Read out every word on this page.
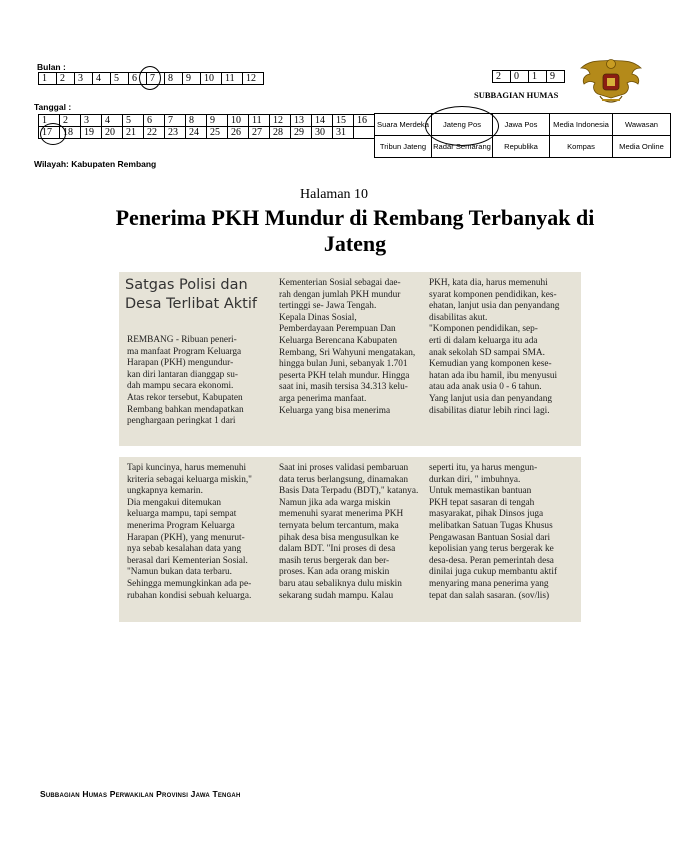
Bulan :
1	2	3	4	5	6	7	8	9	10	11	12
Tanggal :
1	2	3	4	5	6	7	8	9	10	11	12	13	14	15	16
17	18	19	20	21	22	23	24	25	26	27	28	29	30	31	
Wilayah: Kabupaten Rembang
2	0	1	9
SUBBAGIAN HUMAS
Suara Merdeka	Jateng Pos	Jawa Pos	Media Indonesia	Wawasan
Tribun Jateng	Radar Semarang	Republika	Kompas	Media Online
Halaman 10
Penerima PKH Mundur di Rembang Terbanyak di
Jateng

Satgas Polisi dan

Desa Terlibat Aktif

REMBANG - Ribuan peneri-

ma manfaat Program Keluarga

Harapan (PKH) mengundur-

kan diri lantaran dianggap su-

dah mampu secara ekonomi.

Atas rekor tersebut, Kabupaten

Rembang bahkan mendapatkan

penghargaan peringkat 1 dari

Kementerian Sosial sebagai dae-

rah dengan jumlah PKH mundur

tertinggi se- Jawa Tengah.

Kepala Dinas Sosial,

Pemberdayaan Perempuan Dan

Keluarga Berencana Kabupaten

Rembang, Sri Wahyuni mengatakan,

hingga bulan Juni, sebanyak 1.701

peserta PKH telah mundur. Hingga

saat ini, masih tersisa 34.313 kelu-

arga penerima manfaat.

Keluarga yang bisa menerima

PKH, kata dia, harus memenuhi

syarat komponen pendidikan, kes-

ehatan, lanjut usia dan penyandang

disabilitas akut.

"Komponen pendidikan, sep-

erti di dalam keluarga itu ada

anak sekolah SD sampai SMA.

Kemudian yang komponen kese-

hatan ada ibu hamil, ibu menyusui

atau ada anak usia 0 - 6 tahun.

Yang lanjut usia dan penyandang

disabilitas diatur lebih rinci lagi.

Tapi kuncinya, harus memenuhi

kriteria sebagai keluarga miskin,"

ungkapnya kemarin.

Dia mengakui ditemukan

keluarga mampu, tapi sempat

menerima Program Keluarga

Harapan (PKH), yang menurut-

nya sebab kesalahan data yang

berasal dari Kementerian Sosial.

"Namun bukan data terbaru.

Sehingga memungkinkan ada pe-

rubahan kondisi sebuah keluarga.

Saat ini proses validasi pembaruan

data terus berlangsung, dinamakan

Basis Data Terpadu (BDT)," katanya.

Namun jika ada warga miskin

memenuhi syarat menerima PKH

ternyata belum tercantum, maka

pihak desa bisa mengusulkan ke

dalam BDT. "Ini proses di desa

masih terus bergerak dan ber-

proses. Kan ada orang miskin

baru atau sebaliknya dulu miskin

sekarang sudah mampu. Kalau

seperti itu, ya harus mengun-

durkan diri, " imbuhnya.

Untuk memastikan bantuan

PKH tepat sasaran di tengah

masyarakat, pihak Dinsos juga

melibatkan Satuan Tugas Khusus

Pengawasan Bantuan Sosial dari

kepolisian yang terus bergerak ke

desa-desa. Peran pemerintah desa

dinilai juga cukup membantu aktif

menyaring mana penerima yang

tepat dan salah sasaran. (sov/lis)

Subbagian Humas Perwakilan Provinsi Jawa Tengah
